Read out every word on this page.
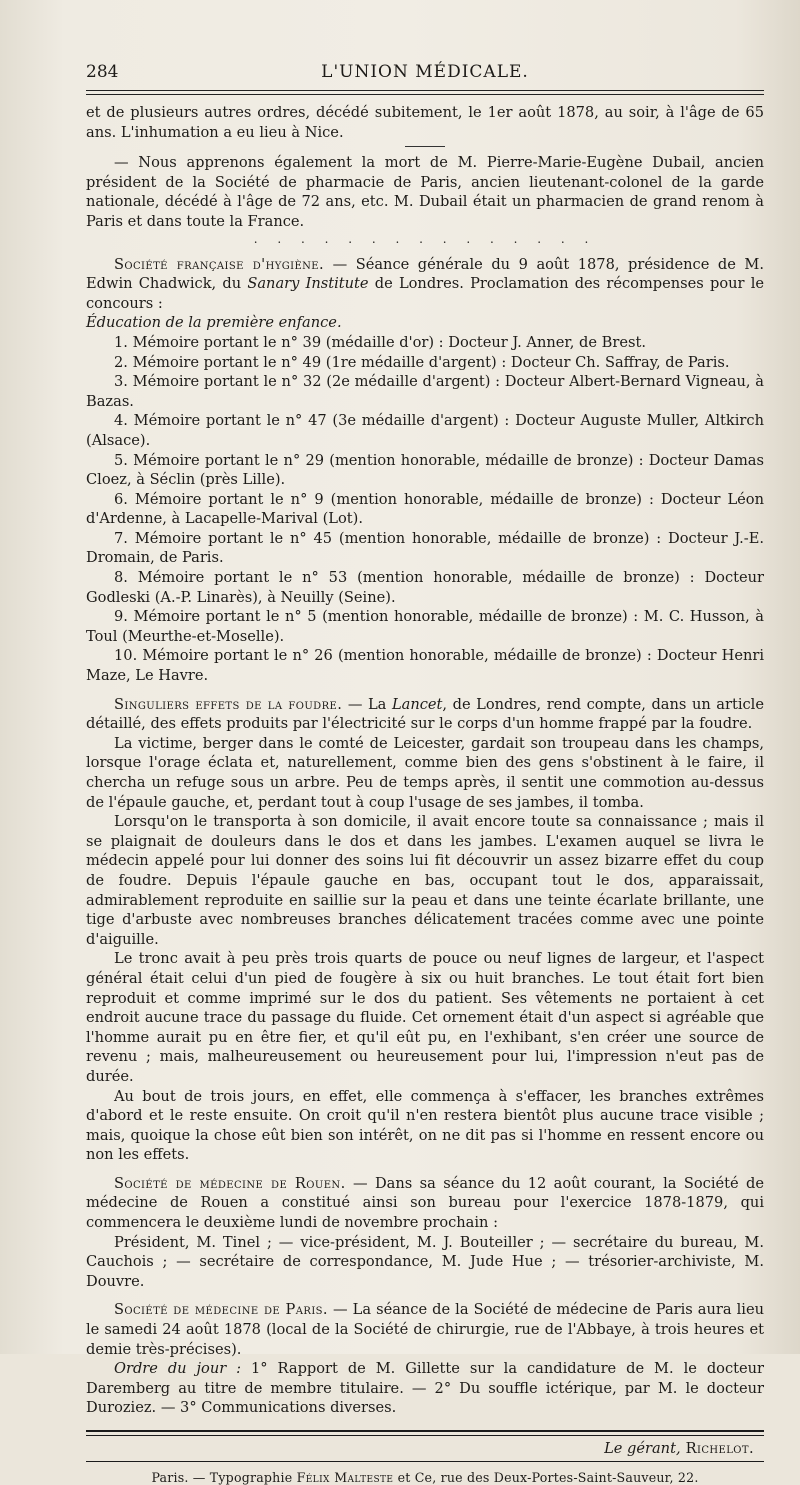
284	L'UNION MÉDICALE.

et de plusieurs autres ordres, décédé subitement, le 1er août 1878, au soir, à l'âge de 65 ans. L'inhumation a eu lieu à Nice.

— Nous apprenons également la mort de M. Pierre-Marie-Eugène Dubail, ancien président de la Société de pharmacie de Paris, ancien lieutenant-colonel de la garde nationale, décédé à l'âge de 72 ans, etc. M. Dubail était un pharmacien de grand renom à Paris et dans toute la France.

. . . . . . . . . . . . . . .

Société française d'hygiène. — Séance générale du 9 août 1878, présidence de M. Edwin Chadwick, du Sanary Institute de Londres. Proclamation des récompenses pour le concours :

Éducation de la première enfance.

1. Mémoire portant le n° 39 (médaille d'or) : Docteur J. Anner, de Brest.
2. Mémoire portant le n° 49 (1re médaille d'argent) : Docteur Ch. Saffray, de Paris.
3. Mémoire portant le n° 32 (2e médaille d'argent) : Docteur Albert-Bernard Vigneau, à Bazas.
4. Mémoire portant le n° 47 (3e médaille d'argent) : Docteur Auguste Muller, Altkirch (Alsace).
5. Mémoire portant le n° 29 (mention honorable, médaille de bronze) : Docteur Damas Cloez, à Séclin (près Lille).
6. Mémoire portant le n° 9 (mention honorable, médaille de bronze) : Docteur Léon d'Ardenne, à Lacapelle-Marival (Lot).
7. Mémoire portant le n° 45 (mention honorable, médaille de bronze) : Docteur J.-E. Dromain, de Paris.
8. Mémoire portant le n° 53 (mention honorable, médaille de bronze) : Docteur Godleski (A.-P. Linarès), à Neuilly (Seine).
9. Mémoire portant le n° 5 (mention honorable, médaille de bronze) : M. C. Husson, à Toul (Meurthe-et-Moselle).
10. Mémoire portant le n° 26 (mention honorable, médaille de bronze) : Docteur Henri Maze, Le Havre.

Singuliers effets de la foudre. — La Lancet, de Londres, rend compte, dans un article détaillé, des effets produits par l'électricité sur le corps d'un homme frappé par la foudre.

La victime, berger dans le comté de Leicester, gardait son troupeau dans les champs, lorsque l'orage éclata et, naturellement, comme bien des gens s'obstinent à le faire, il chercha un refuge sous un arbre. Peu de temps après, il sentit une commotion au-dessus de l'épaule gauche, et, perdant tout à coup l'usage de ses jambes, il tomba.

Lorsqu'on le transporta à son domicile, il avait encore toute sa connaissance ; mais il se plaignait de douleurs dans le dos et dans les jambes. L'examen auquel se livra le médecin appelé pour lui donner des soins lui fit découvrir un assez bizarre effet du coup de foudre. Depuis l'épaule gauche en bas, occupant tout le dos, apparaissait, admirablement reproduite en saillie sur la peau et dans une teinte écarlate brillante, une tige d'arbuste avec nombreuses branches délicatement tracées comme avec une pointe d'aiguille.

Le tronc avait à peu près trois quarts de pouce ou neuf lignes de largeur, et l'aspect général était celui d'un pied de fougère à six ou huit branches. Le tout était fort bien reproduit et comme imprimé sur le dos du patient. Ses vêtements ne portaient à cet endroit aucune trace du passage du fluide. Cet ornement était d'un aspect si agréable que l'homme aurait pu en être fier, et qu'il eût pu, en l'exhibant, s'en créer une source de revenu ; mais, malheureusement ou heureusement pour lui, l'impression n'eut pas de durée.

Au bout de trois jours, en effet, elle commença à s'effacer, les branches extrêmes d'abord et le reste ensuite. On croit qu'il n'en restera bientôt plus aucune trace visible ; mais, quoique la chose eût bien son intérêt, on ne dit pas si l'homme en ressent encore ou non les effets.

Société de médecine de Rouen. — Dans sa séance du 12 août courant, la Société de médecine de Rouen a constitué ainsi son bureau pour l'exercice 1878-1879, qui commencera le deuxième lundi de novembre prochain :

Président, M. Tinel ; — vice-président, M. J. Bouteiller ; — secrétaire du bureau, M. Cauchois ; — secrétaire de correspondance, M. Jude Hue ; — trésorier-archiviste, M. Douvre.

Société de médecine de Paris. — La séance de la Société de médecine de Paris aura lieu le samedi 24 août 1878 (local de la Société de chirurgie, rue de l'Abbaye, à trois heures et demie très-précises).

Ordre du jour : 1° Rapport de M. Gillette sur la candidature de M. le docteur Daremberg au titre de membre titulaire. — 2° Du souffle ictérique, par M. le docteur Duroziez. — 3° Communications diverses.

Le gérant, Richelot.
Paris. — Typographie Félix Malteste et Ce, rue des Deux-Portes-Saint-Sauveur, 22.
